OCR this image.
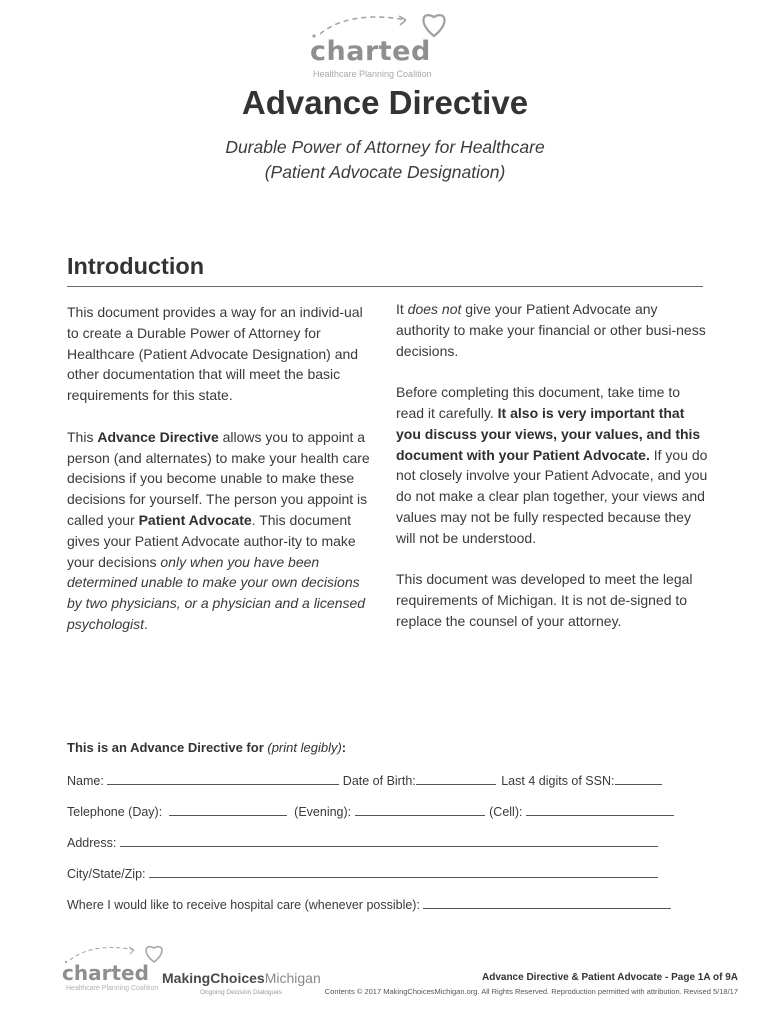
charted
Healthcare Planning Coalition
Advance Directive
Durable Power of Attorney for Healthcare
(Patient Advocate Designation)
Introduction

This document provides a way for an individ-ual to create a Durable Power of Attorney for Healthcare (Patient Advocate Designation) and other documentation that will meet the basic requirements for this state.

This Advance Directive allows you to appoint a person (and alternates) to make your health care decisions if you become unable to make these decisions for yourself. The person you appoint is called your Patient Advocate. This document gives your Patient Advocate author-ity to make your decisions only when you have been determined unable to make your own decisions by two physicians, or a physician and a licensed psychologist.

It does not give your Patient Advocate any authority to make your financial or other busi-ness decisions.

Before completing this document, take time to read it carefully. It also is very important that you discuss your views, your values, and this document with your Patient Advocate. If you do not closely involve your Patient Advocate, and you do not make a clear plan together, your views and values may not be fully respected because they will not be understood.

This document was developed to meet the legal requirements of Michigan. It is not de-signed to replace the counsel of your attorney.

This is an Advance Directive for (print legibly):
Name:	Date of Birth:	Last 4 digits of SSN:
Telephone (Day):	(Evening):	(Cell):
Address:
City/State/Zip:
Where I would like to receive hospital care (whenever possible):
charted
Healthcare Planning Coalition
MakingChoicesMichigan
Ongoing Decision Dialogues
Advance Directive & Patient Advocate - Page 1A of 9A
Contents © 2017 MakingChoicesMichigan.org. All Rights Reserved. Reproduction permitted with attribution. Revised 5/18/17
